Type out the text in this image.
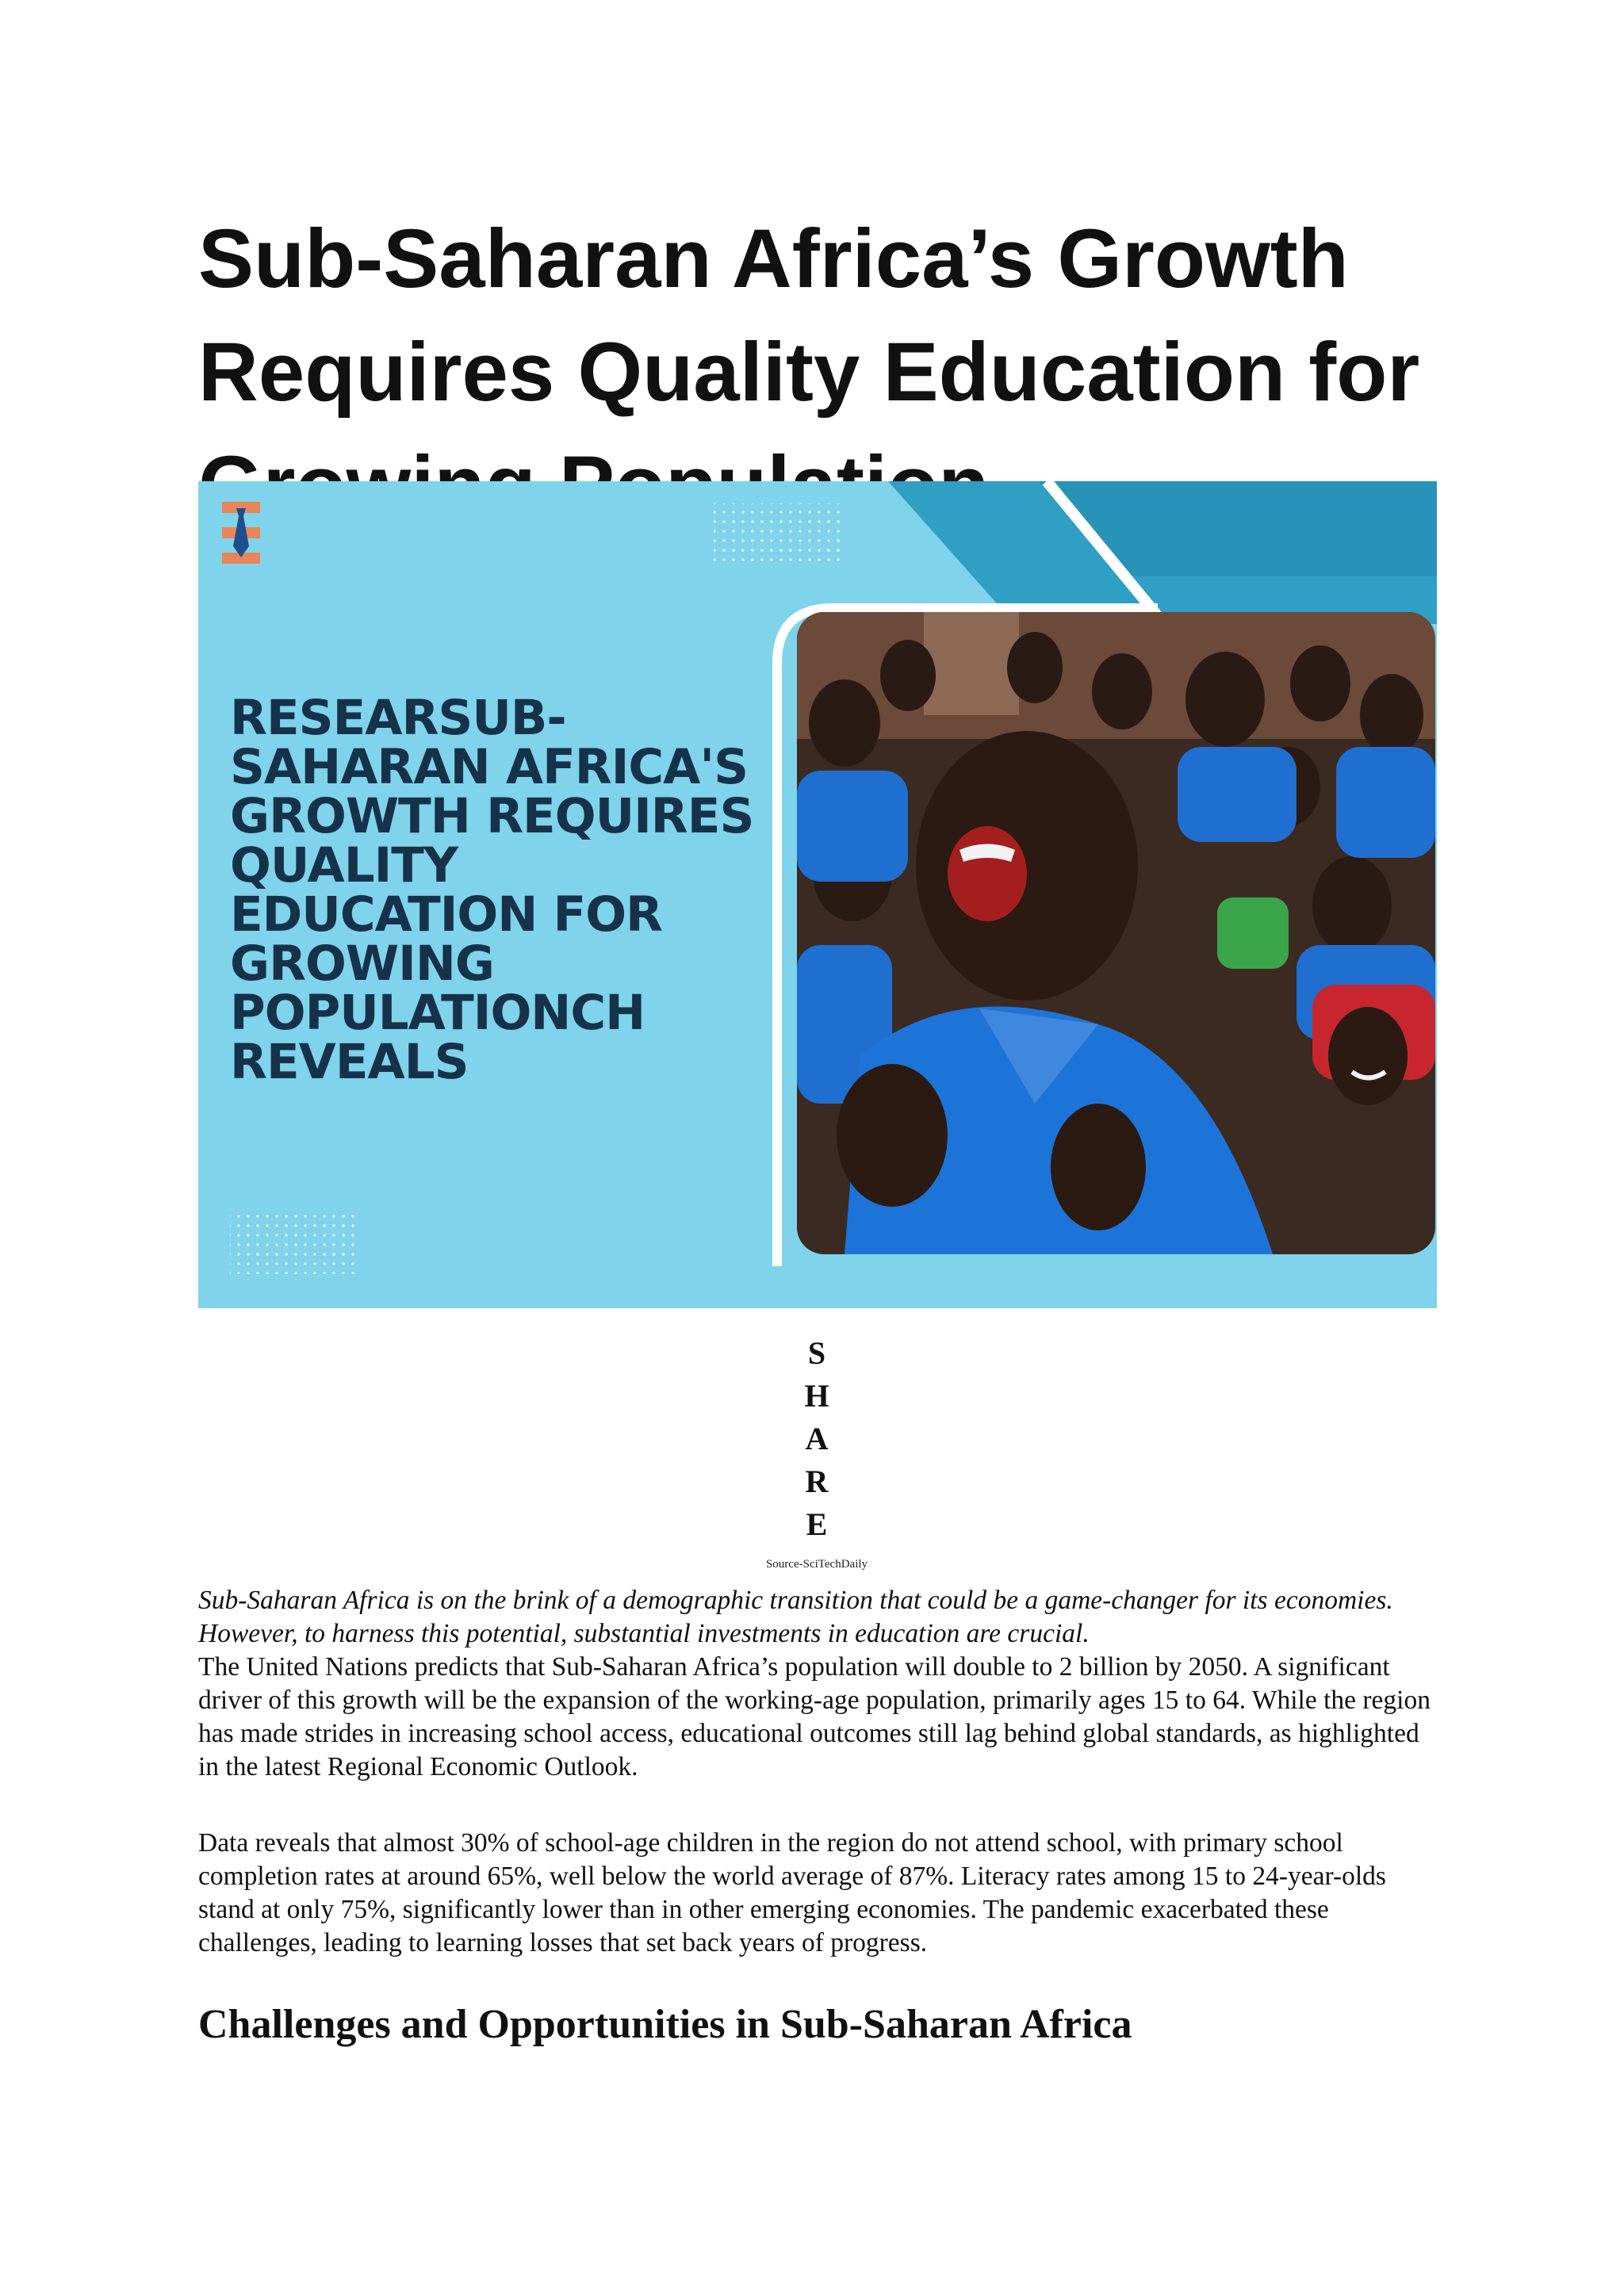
Sub-Saharan Africa’s Growth Requires Quality Education for
RESEARSUB-
SAHARAN AFRICA'S
GROWTH REQUIRES
QUALITY
EDUCATION FOR
GROWING
POPULATIONCH
REVEALS
S
H
A
R
E
Source-SciTechDaily

Sub-Saharan Africa is on the brink of a demographic transition that could be a game-changer for its economies. However, to harness this potential, substantial investments in education are crucial.

The United Nations predicts that Sub-Saharan Africa’s population will double to 2 billion by 2050. A significant driver of this growth will be the expansion of the working-age population, primarily ages 15 to 64. While the region has made strides in increasing school access, educational outcomes still lag behind global standards, as highlighted in the latest Regional Economic Outlook.

Data reveals that almost 30% of school-age children in the region do not attend school, with primary school completion rates at around 65%, well below the world average of 87%. Literacy rates among 15 to 24-year-olds stand at only 75%, significantly lower than in other emerging economies. The pandemic exacerbated these challenges, leading to learning losses that set back years of progress.

Challenges and Opportunities in Sub-Saharan Africa
